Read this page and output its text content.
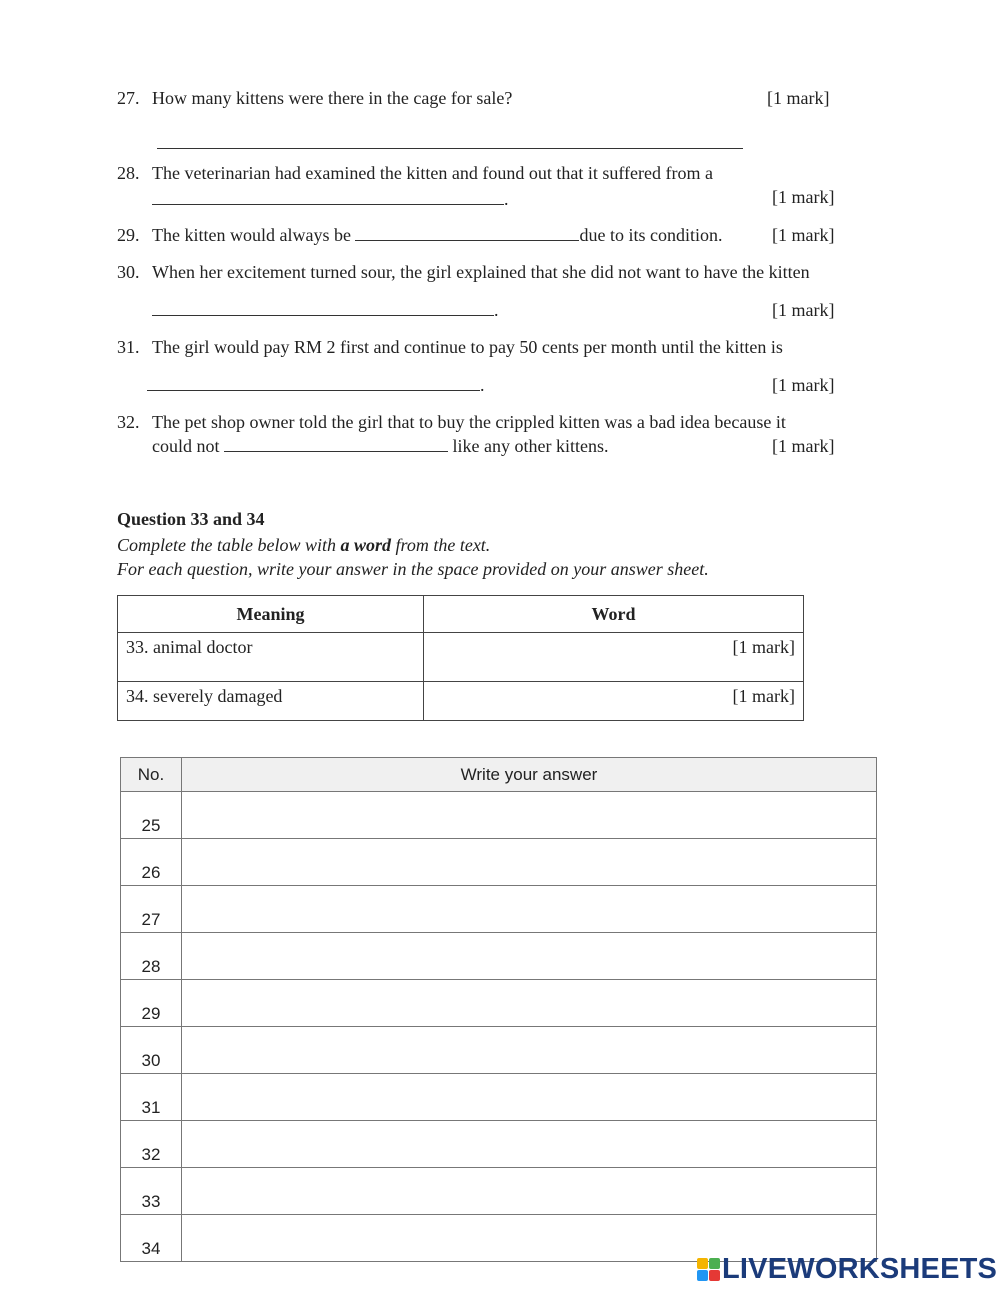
27. How many kittens were there in the cage for sale?	[1 mark]
28. The veterinarian had examined the kitten and found out that it suffered from a
.	[1 mark]
29. The kitten would always be	due to its condition.	[1 mark]
30. When her excitement turned sour, the girl explained that she did not want to have the kitten
.	[1 mark]
31. The girl would pay RM 2 first and continue to pay 50 cents per month until the kitten is
.	[1 mark]
32. The pet shop owner told the girl that to buy the crippled kitten was a bad idea because it
could not	like any other kittens.	[1 mark]
Question 33 and 34
Complete the table below with a word from the text.
For each question, write your answer in the space provided on your answer sheet.
Meaning	Word
33. animal doctor	[1 mark]
34. severely damaged	[1 mark]
No.	Write your answer
25	
26	
27	
28	
29	
30	
31	
32	
33	
34	
LIVEWORKSHEETS
